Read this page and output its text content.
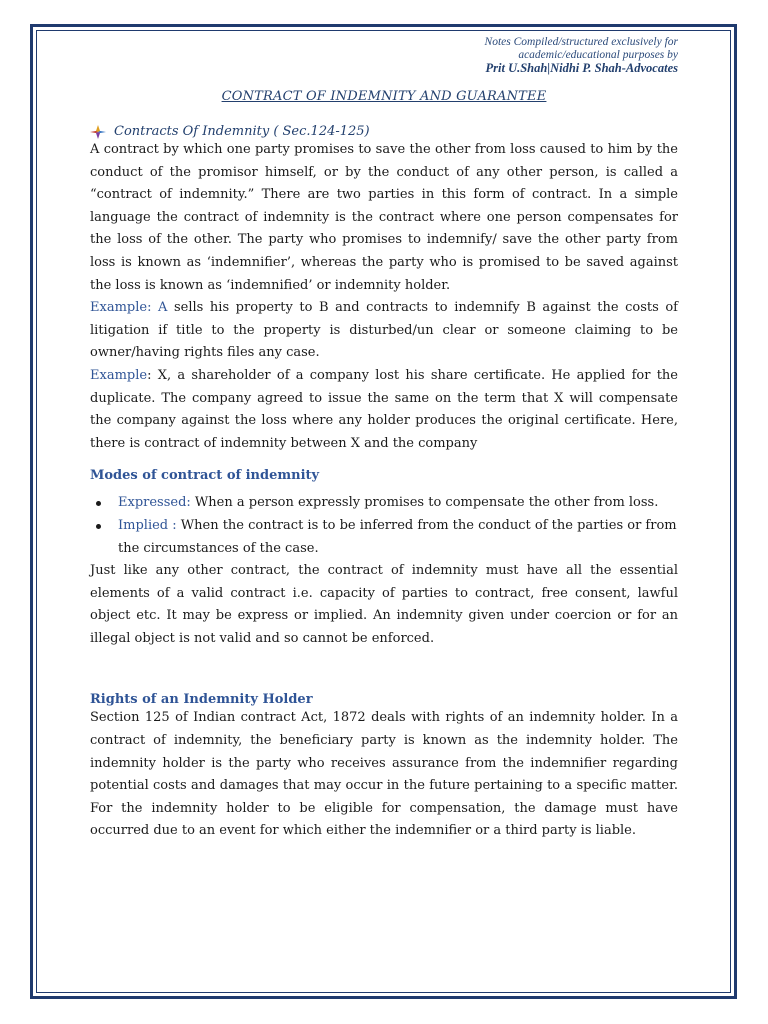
Notes Compiled/structured exclusively for
academic/educational purposes by
Prit U.Shah|Nidhi P. Shah-Advocates
CONTRACT OF INDEMNITY AND GUARANTEE
Contracts Of Indemnity ( Sec.124-125)

A contract by which one party promises to save the other from loss caused to him by the conduct of the promisor himself, or by the conduct of any other person, is called a “contract of indemnity.” There are two parties in this form of contract. In a simple language the contract of indemnity is the contract where one person compensates for the loss of the other. The party who promises to indemnify/ save the other party from loss is known as ‘indemnifier’, whereas the party who is promised to be saved against the loss is known as ‘indemnified’ or indemnity holder.

Example: A sells his property to B and contracts to indemnify B against the costs of litigation if title to the property is disturbed/un clear or someone claiming to be owner/having rights files any case.

Example: X, a shareholder of a company lost his share certificate. He applied for the duplicate. The company agreed to issue the same on the term that X will compensate the company against the loss where any holder produces the original certificate. Here, there is contract of indemnity between X and the company

Modes of contract of indemnity
Expressed: When a person expressly promises to compensate the other from loss.
Implied : When the contract is to be inferred from the conduct of the parties or from the circumstances of the case.

Just like any other contract, the contract of indemnity must have all the essential elements of a valid contract i.e. capacity of parties to contract, free consent, lawful object etc. It may be express or implied. An indemnity given under coercion or for an illegal object is not valid and so cannot be enforced.

Rights of an Indemnity Holder

Section 125 of Indian contract Act, 1872 deals with rights of an indemnity holder. In a contract of indemnity, the beneficiary party is known as the indemnity holder. The indemnity holder is the party who receives assurance from the indemnifier regarding potential costs and damages that may occur in the future pertaining to a specific matter. For the indemnity holder to be eligible for compensation, the damage must have occurred due to an event for which either the indemnifier or a third party is liable.
